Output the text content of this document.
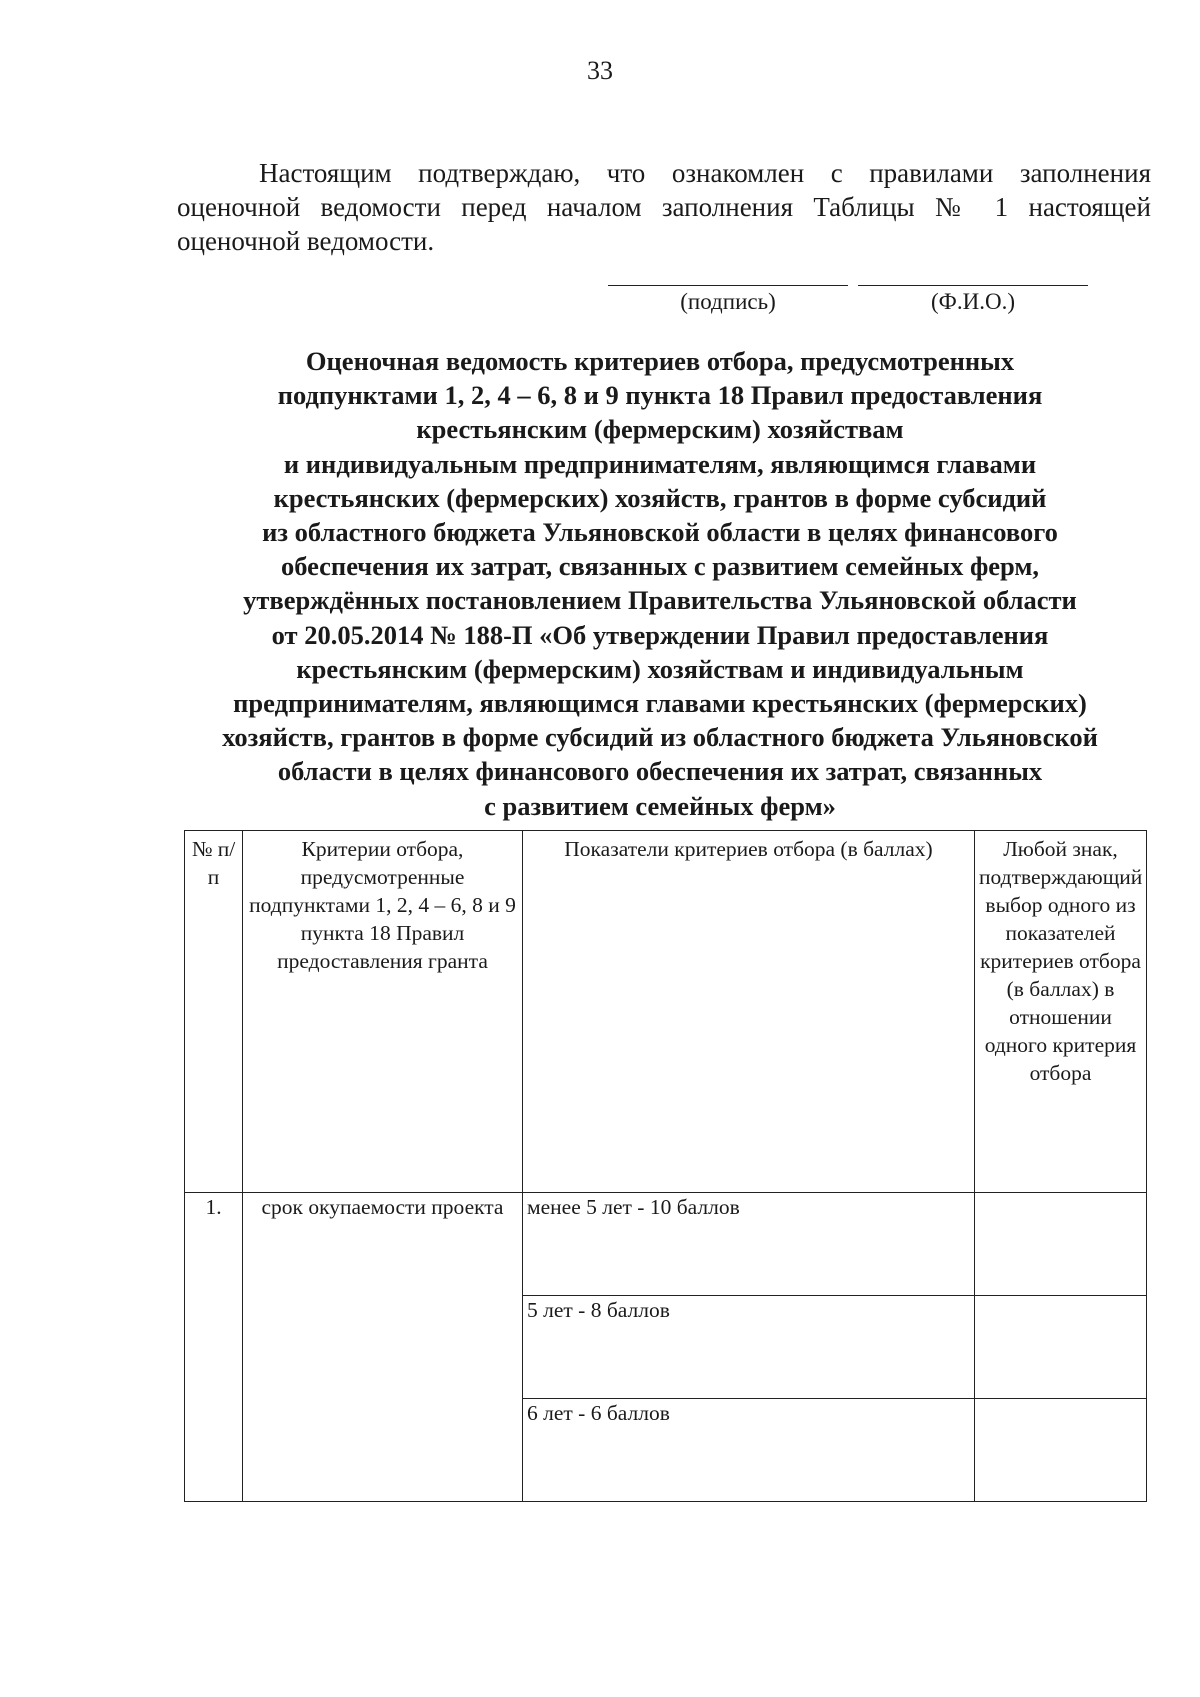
33

Настоящим подтверждаю, что ознакомлен с правилами заполнения оценочной ведомости перед началом заполнения Таблицы № 1 настоящей оценочной ведомости.

(подпись)	(Ф.И.О.)
Оценочная ведомость критериев отбора, предусмотренных
подпунктами 1, 2, 4 – 6, 8 и 9 пункта 18 Правил предоставления
крестьянским (фермерским) хозяйствам
и индивидуальным предпринимателям, являющимся главами
крестьянских (фермерских) хозяйств, грантов в форме субсидий
из областного бюджета Ульяновской области в целях финансового
обеспечения их затрат, связанных с развитием семейных ферм,
утверждённых постановлением Правительства Ульяновской области
от 20.05.2014 № 188-П «Об утверждении Правил предоставления
крестьянским (фермерским) хозяйствам и индивидуальным
предпринимателям, являющимся главами крестьянских (фермерских)
хозяйств, грантов в форме субсидий из областного бюджета Ульяновской
области в целях финансового обеспечения их затрат, связанных
с развитием семейных ферм»
№ п/п	Критерии отбора, предусмотренные подпунктами 1, 2, 4 – 6, 8 и 9 пункта 18 Правил предоставления гранта	Показатели критериев отбора (в баллах)	Любой знак, подтверждающий выбор одного из показателей критериев отбора (в баллах) в отношении одного критерия отбора
1.	срок окупаемости проекта	менее 5 лет - 10 баллов	
		5 лет - 8 баллов	
		6 лет - 6 баллов	
